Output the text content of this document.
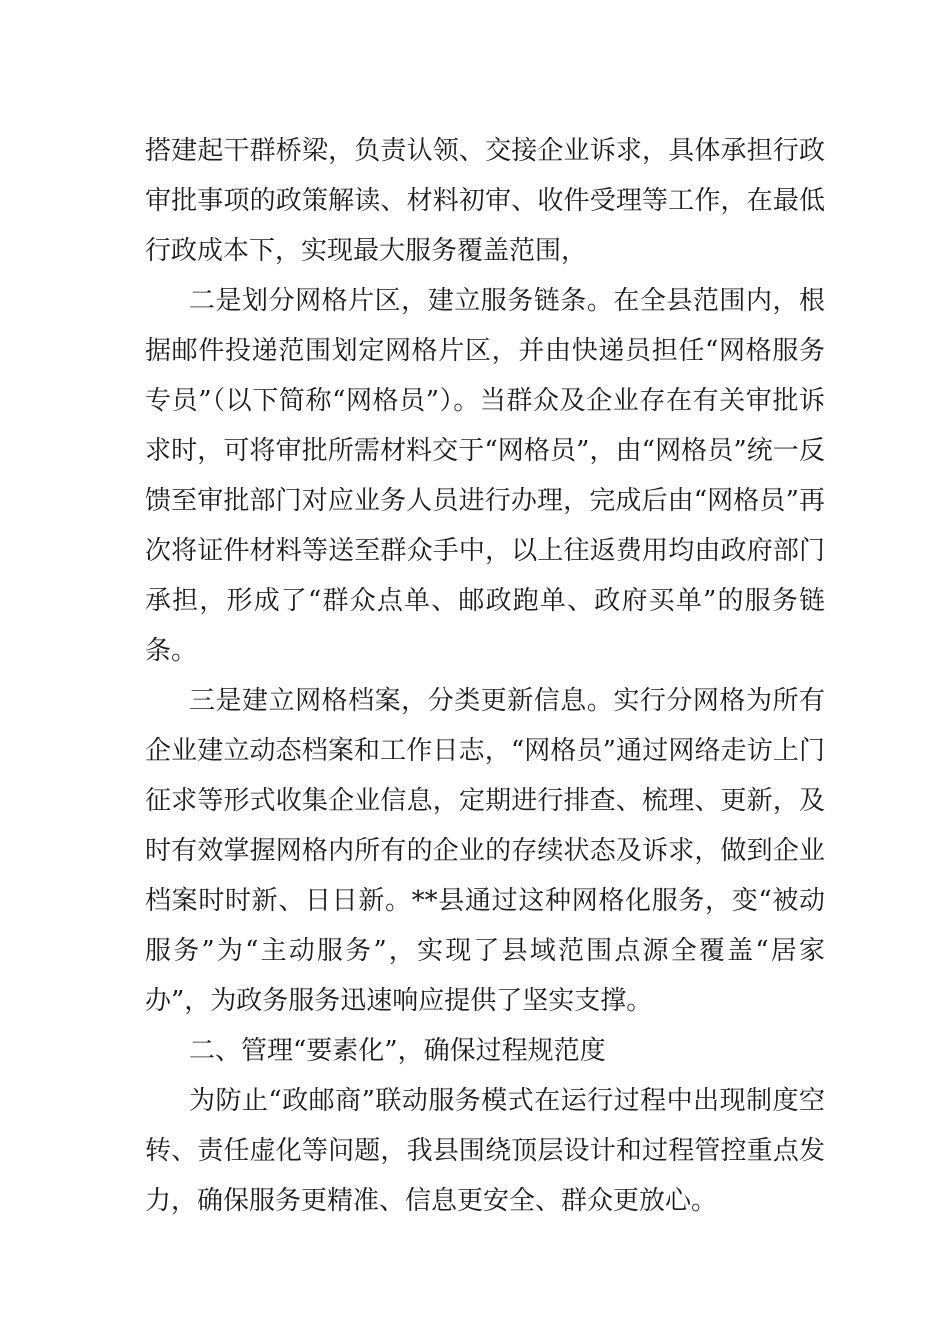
搭建起干群桥梁，负责认领、交接企业诉求，具体承担行政审批事项的政策解读、材料初审、收件受理等工作，在最低行政成本下，实现最大服务覆盖范围，

二是划分网格片区，建立服务链条。在全县范围内，根据邮件投递范围划定网格片区，并由快递员担任“网格服务专员”（以下简称“网格员”）。当群众及企业存在有关审批诉求时，可将审批所需材料交于“网格员”，由“网格员”统一反馈至审批部门对应业务人员进行办理，完成后由“网格员”再次将证件材料等送至群众手中，以上往返费用均由政府部门承担，形成了“群众点单、邮政跑单、政府买单”的服务链条。

三是建立网格档案，分类更新信息。实行分网格为所有企业建立动态档案和工作日志，“网格员”通过网络走访上门征求等形式收集企业信息，定期进行排查、梳理、更新，及时有效掌握网格内所有的企业的存续状态及诉求，做到企业档案时时新、日日新。**县通过这种网格化服务，变“被动服务”为“主动服务”，实现了县域范围点源全覆盖“居家办”，为政务服务迅速响应提供了坚实支撑。

二、管理“要素化”，确保过程规范度

为防止“政邮商”联动服务模式在运行过程中出现制度空转、责任虚化等问题，我县围绕顶层设计和过程管控重点发力，确保服务更精准、信息更安全、群众更放心。
